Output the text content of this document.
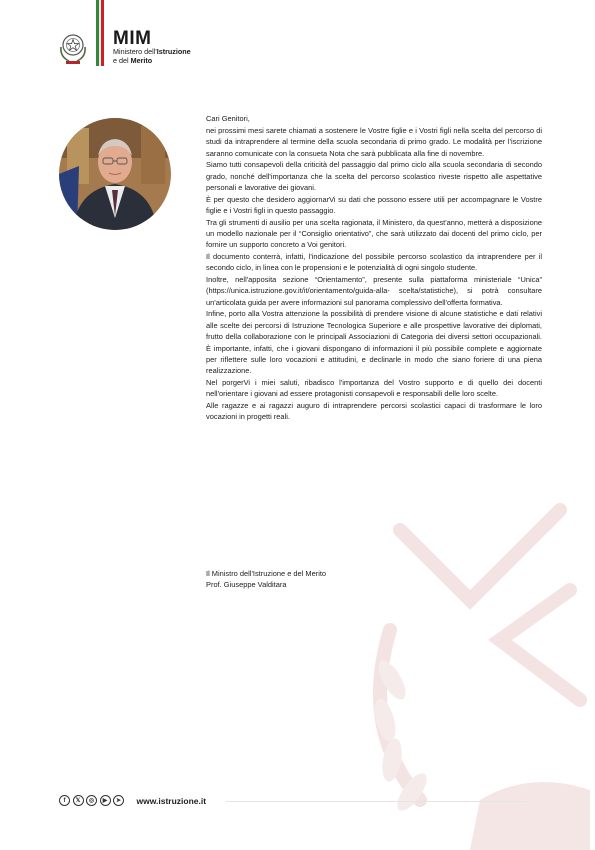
MIM
Ministero dell'Istruzione
e del Merito

Cari Genitori,

nei prossimi mesi sarete chiamati a sostenere le Vostre figlie e i Vostri figli nella scelta del percorso di studi da intraprendere al termine della scuola secondaria di primo grado. Le modalità per l'iscrizione saranno comunicate con la consueta Nota che sarà pubblicata alla fine di novembre.

Siamo tutti consapevoli della criticità del passaggio dal primo ciclo alla scuola secondaria di secondo grado, nonché dell'importanza che la scelta del percorso scolastico riveste rispetto alle aspettative personali e lavorative dei giovani.

È per questo che desidero aggiornarVi su dati che possono essere utili per accompagnare le Vostre figlie e i Vostri figli in questo passaggio.

Tra gli strumenti di ausilio per una scelta ragionata, il Ministero, da quest'anno, metterà a disposizione un modello nazionale per il “Consiglio orientativo”, che sarà utilizzato dai docenti del primo ciclo, per fornire un supporto concreto a Voi genitori.

Il documento conterrà, infatti, l'indicazione del possibile percorso scolastico da intraprendere per il secondo ciclo, in linea con le propensioni e le potenzialità di ogni singolo studente.

Inoltre, nell'apposita sezione “Orientamento”, presente sulla piattaforma ministeriale “Unica” (https://unica.istruzione.gov.it/it/orientamento/guida-alla- scelta/statistiche), si potrà consultare un'articolata guida per avere informazioni sul panorama complessivo dell'offerta formativa.

Infine, porto alla Vostra attenzione la possibilità di prendere visione di alcune statistiche e dati relativi alle scelte dei percorsi di Istruzione Tecnologica Superiore e alle prospettive lavorative dei diplomati, frutto della collaborazione con le principali Associazioni di Categoria dei diversi settori occupazionali. È importante, infatti, che i giovani dispongano di informazioni il più possibile complete e aggiornate per riflettere sulle loro vocazioni e attitudini, e declinarle in modo che siano foriere di una piena realizzazione.

Nel porgerVi i miei saluti, ribadisco l'importanza del Vostro supporto e di quello dei docenti nell'orientare i giovani ad essere protagonisti consapevoli e responsabili delle loro scelte.

Alle ragazze e ai ragazzi auguro di intraprendere percorsi scolastici capaci di trasformare le loro vocazioni in progetti reali.

Il Ministro dell'Istruzione e del Merito
Prof. Giuseppe Valditara
f	𝕏	◎	▶	➤	www.istruzione.it
